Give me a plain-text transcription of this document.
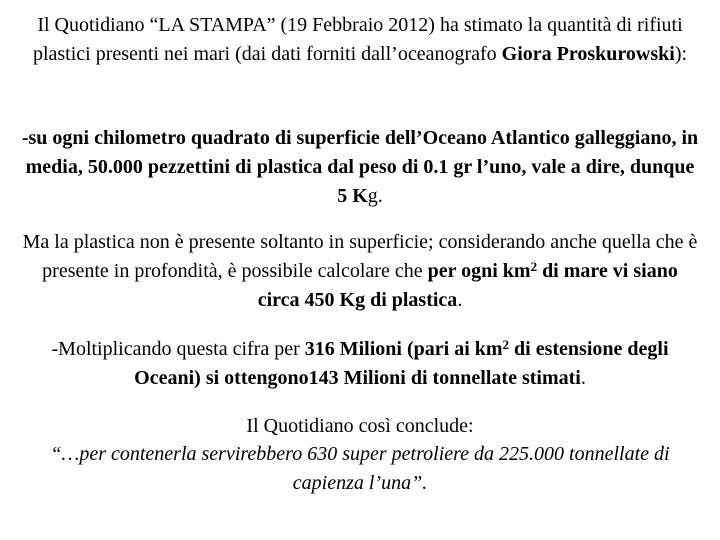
Il Quotidiano “LA STAMPA” (19 Febbraio 2012) ha stimato la quantità di rifiuti plastici presenti nei mari (dai dati forniti dall’oceanografo Giora Proskurowski):
-su ogni chilometro quadrato di superficie dell’Oceano Atlantico galleggiano, in media, 50.000 pezzettini di plastica dal peso di 0.1 gr l’uno, vale a dire, dunque 5 Kg.
Ma la plastica non è presente soltanto in superficie; considerando anche quella che è presente in profondità, è possibile calcolare che per ogni $km^2$ di mare vi siano circa 450 Kg di plastica.
-Moltiplicando questa cifra per 316 Milioni (pari ai $km^2$ di estensione degli Oceani) si ottengono143 Milioni di tonnellate stimati.
Il Quotidiano così conclude:
“…per contenerla servirebbero 630 super petroliere da 225.000 tonnellate di capienza l’una”.
